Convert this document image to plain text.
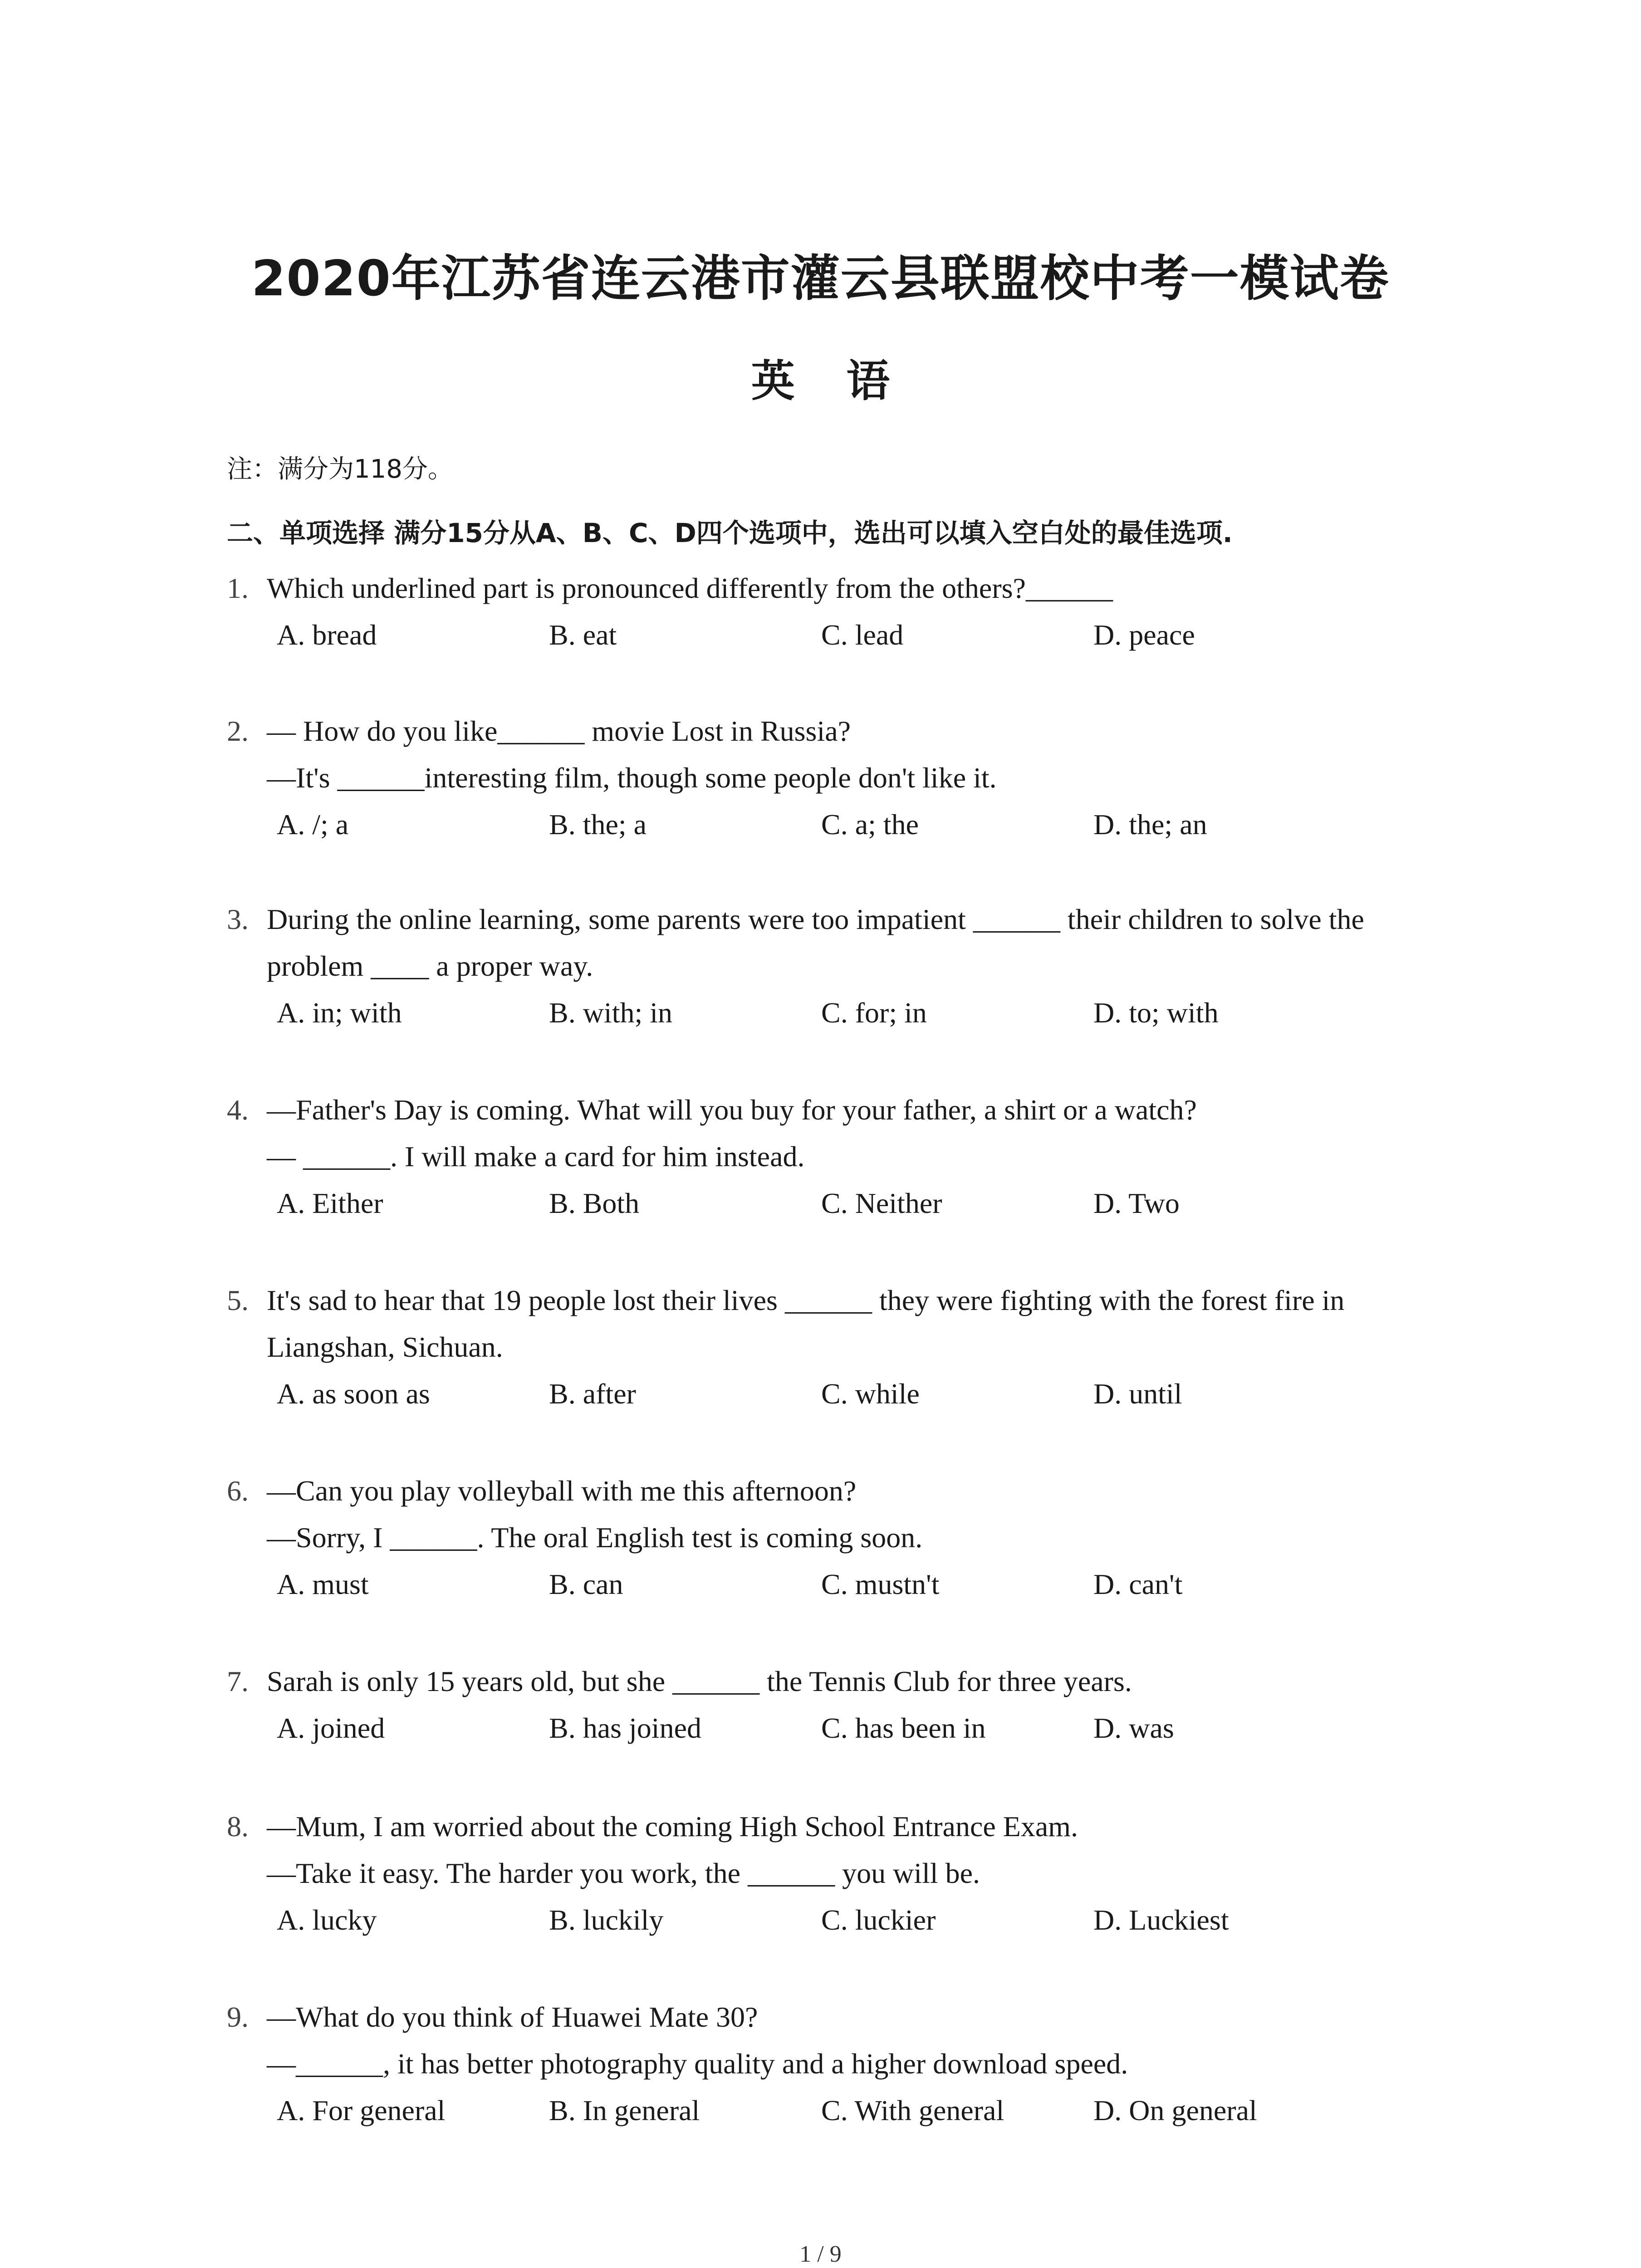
2020年江苏省连云港市灌云县联盟校中考一模试卷
英 语
注：满分为118分。
二、单项选择 满分15分从A、B、C、D四个选项中，选出可以填入空白处的最佳选项.
1. Which underlined part is pronounced differently from the others?______
A. bread	B. eat	C. lead	D. peace
2. — How do you like______ movie Lost in Russia?
—It's ______interesting film, though some people don't like it.
A. /; a	B. the; a	C. a; the	D. the; an
3. During the online learning, some parents were too impatient ______ their children to solve the
problem ____ a proper way.
A. in; with	B. with; in	C. for; in	D. to; with
4. —Father's Day is coming. What will you buy for your father, a shirt or a watch?
— ______. I will make a card for him instead.
A. Either	B. Both	C. Neither	D. Two
5. It's sad to hear that 19 people lost their lives ______ they were fighting with the forest fire in
Liangshan, Sichuan.
A. as soon as	B. after	C. while	D. until
6. —Can you play volleyball with me this afternoon?
—Sorry, I ______. The oral English test is coming soon.
A. must	B. can	C. mustn't	D. can't
7. Sarah is only 15 years old, but she ______ the Tennis Club for three years.
A. joined	B. has joined	C. has been in	D. was
8. —Mum, I am worried about the coming High School Entrance Exam.
—Take it easy. The harder you work, the ______ you will be.
A. lucky	B. luckily	C. luckier	D. Luckiest
9. —What do you think of Huawei Mate 30?
—______, it has better photography quality and a higher download speed.
A. For general	B. In general	C. With general	D. On general
1 / 9
